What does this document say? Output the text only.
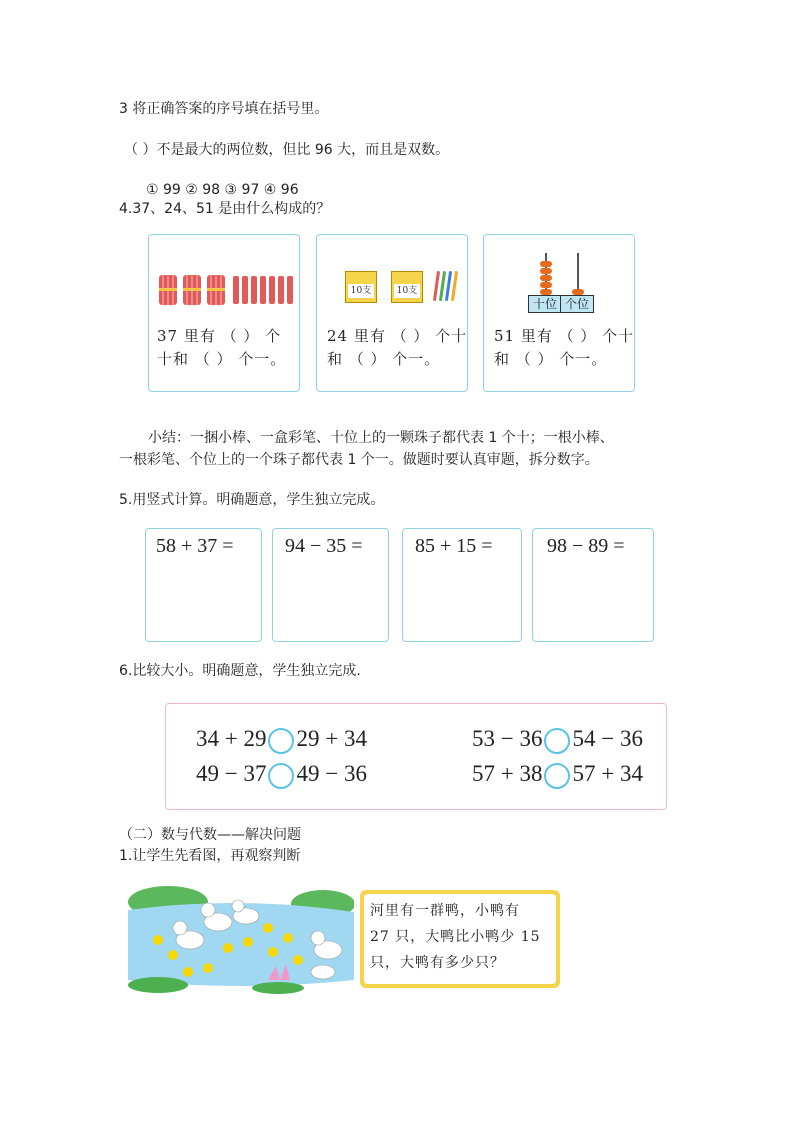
3 将正确答案的序号填在括号里。
（ ）不是最大的两位数，但比 96 大，而且是双数。
① 99 ② 98 ③ 97 ④ 96
4.37、24、51 是由什么构成的？
37 里有 （ ） 个
十和 （ ） 个一。
10支	10支
24 里有 （ ） 个十
和 （ ） 个一。
十位 个位
51 里有 （ ） 个十
和 （ ） 个一。
小结：一捆小棒、一盒彩笔、十位上的一颗珠子都代表 1 个十；一根小棒、
一根彩笔、个位上的一个珠子都代表 1 个一。做题时要认真审题，拆分数字。
5.用竖式计算。明确题意，学生独立完成。
58 + 37 =	94 − 35 =	85 + 15 =	98 − 89 =
6.比较大小。明确题意，学生独立完成.
34 + 29 29 + 34	53 − 36 54 − 36
49 − 37 49 − 36	57 + 38 57 + 34
（二）数与代数——解决问题
1.让学生先看图，再观察判断
河里有一群鸭，小鸭有
27 只，大鸭比小鸭少 15
只，大鸭有多少只？
